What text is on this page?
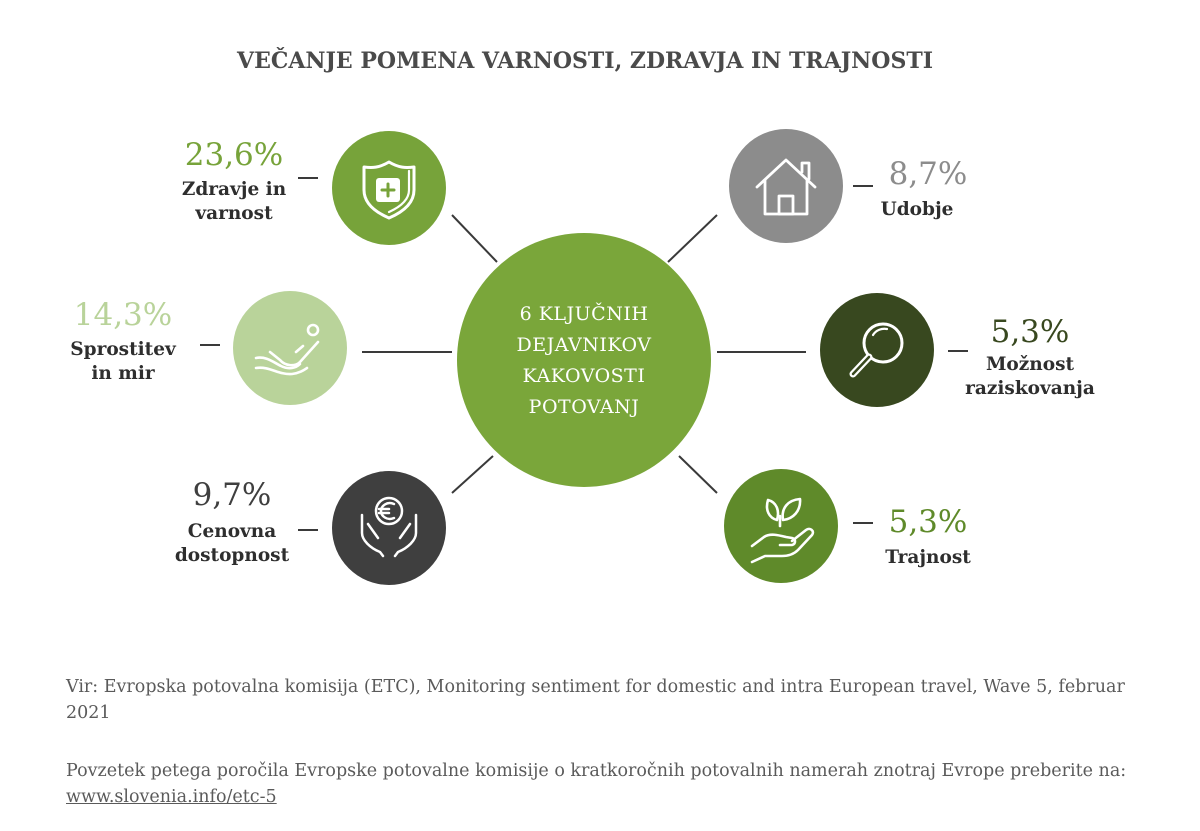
VEČANJE POMENA VARNOSTI, ZDRAVJA IN TRAJNOSTI
6 KLJUČNIH
DEJAVNIKOV
KAKOVOSTI
POTOVANJ
23,6%
Zdravje in
varnost
14,3%
Sprostitev
in mir
9,7%
Cenovna
dostopnost
8,7%
Udobje
5,3%
Možnost
raziskovanja
5,3%
Trajnost

Vir: Evropska potovalna komisija (ETC), Monitoring sentiment for domestic and intra European travel, Wave 5, februar 2021

Povzetek petega poročila Evropske potovalne komisije o kratkoročnih potovalnih namerah znotraj Evrope preberite na: www.slovenia.info/etc-5
